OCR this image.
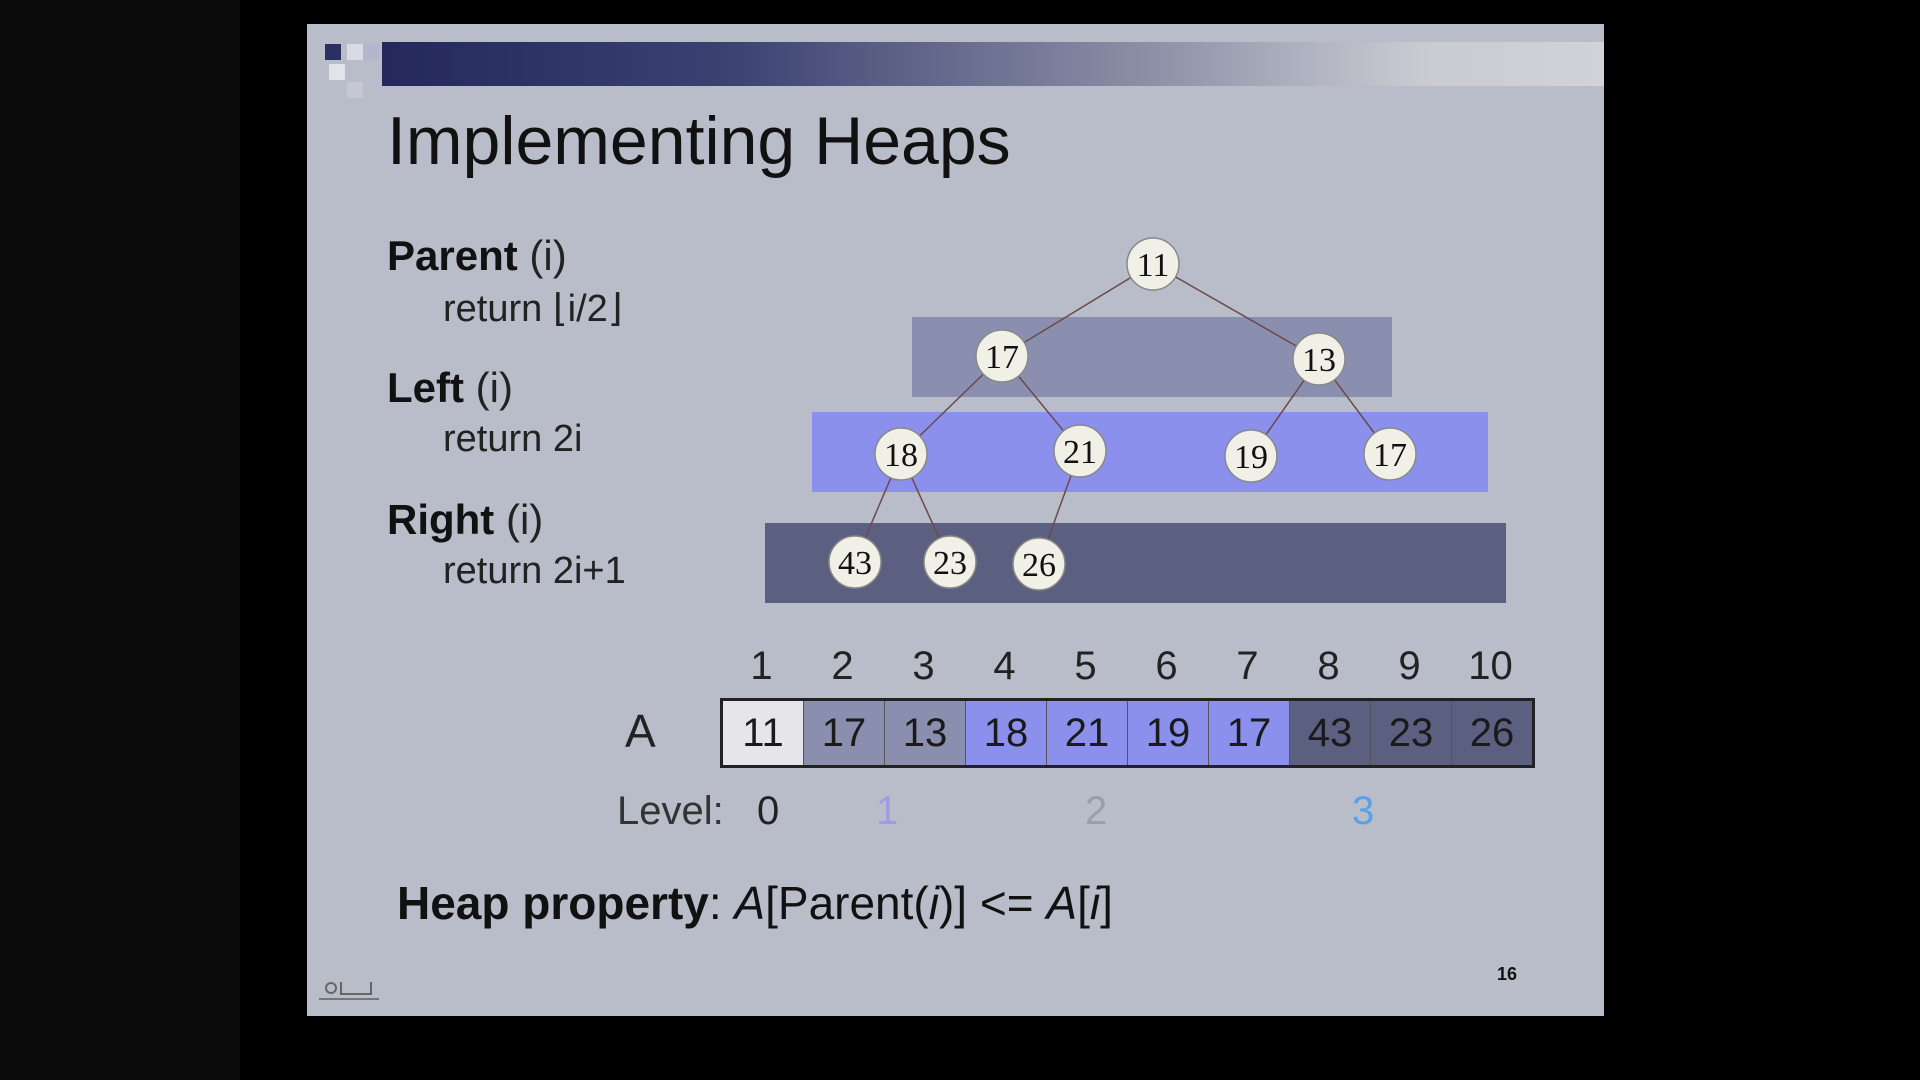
Implementing Heaps
Parent (i)
return ⌊i/2⌋
Left (i)
return 2i
Right (i)
return 2i+1
11
17	13
18	21	19	17
43 23 26
1	2	3	4	5	6	7	8	9	10
A	11 17 13 18 21 19 17 43 23 26
Level: 0 1	2	3
Heap property: A[Parent(i)] <= A[i]
16
